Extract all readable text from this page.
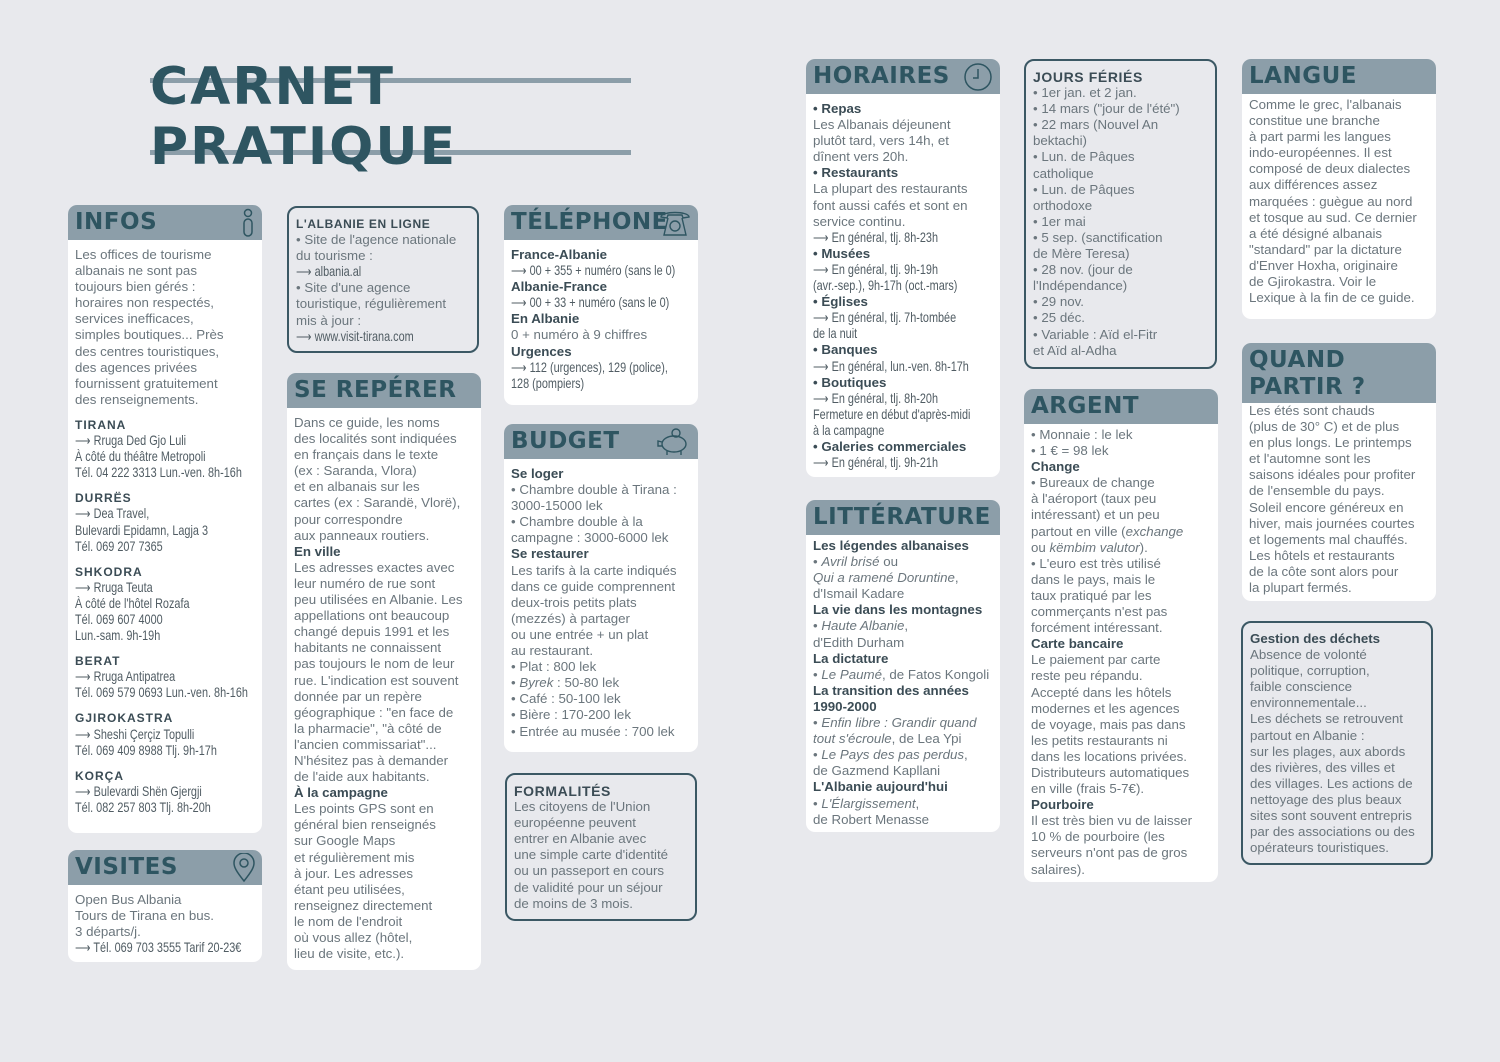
CARNET PRATIQUE
INFOS
Les offices de tourisme
albanais ne sont pas
toujours bien gérés :
horaires non respectés,
services inefficaces,
simples boutiques... Près
des centres touristiques,
des agences privées
fournissent gratuitement
des renseignements.
TIRANA
⟶ Rruga Ded Gjo Luli
À côté du théâtre Metropoli
Tél. 04 222 3313 Lun.-ven. 8h-16h
DURRËS
⟶ Dea Travel,
Bulevardi Epidamn, Lagja 3
Tél. 069 207 7365
SHKODRA
⟶ Rruga Teuta
À côté de l'hôtel Rozafa
Tél. 069 607 4000
Lun.-sam. 9h-19h
BERAT
⟶ Rruga Antipatrea
Tél. 069 579 0693 Lun.-ven. 8h-16h
GJIROKASTRA
⟶ Sheshi Çerçiz Topulli
Tél. 069 409 8988 Tlj. 9h-17h
KORÇA
⟶ Bulevardi Shën Gjergji
Tél. 082 257 803 Tlj. 8h-20h
VISITES
Open Bus Albania
Tours de Tirana en bus.
3 départs/j.
⟶ Tél. 069 703 3555 Tarif 20-23€
L'ALBANIE EN LIGNE
• Site de l'agence nationale
du tourisme :
⟶ albania.al
• Site d'une agence
touristique, régulièrement
mis à jour :
⟶ www.visit-tirana.com
SE REPÉRER
Dans ce guide, les noms
des localités sont indiquées
en français dans le texte
(ex : Saranda, Vlora)
et en albanais sur les
cartes (ex : Sarandë, Vlorë),
pour correspondre
aux panneaux routiers.
En ville
Les adresses exactes avec
leur numéro de rue sont
peu utilisées en Albanie. Les
appellations ont beaucoup
changé depuis 1991 et les
habitants ne connaissent
pas toujours le nom de leur
rue. L'indication est souvent
donnée par un repère
géographique : "en face de
la pharmacie", "à côté de
l'ancien commissariat"...
N'hésitez pas à demander
de l'aide aux habitants.
À la campagne
Les points GPS sont en
général bien renseignés
sur Google Maps
et régulièrement mis
à jour. Les adresses
étant peu utilisées,
renseignez directement
le nom de l'endroit
où vous allez (hôtel,
lieu de visite, etc.).
TÉLÉPHONE
France-Albanie
⟶ 00 + 355 + numéro (sans le 0)
Albanie-France
⟶ 00 + 33 + numéro (sans le 0)
En Albanie
0 + numéro à 9 chiffres
Urgences
⟶ 112 (urgences), 129 (police),
128 (pompiers)
BUDGET
Se loger
• Chambre double à Tirana :
3000-15000 lek
• Chambre double à la
campagne : 3000-6000 lek
Se restaurer
Les tarifs à la carte indiqués
dans ce guide comprennent
deux-trois petits plats
(mezzés) à partager
ou une entrée + un plat
au restaurant.
• Plat : 800 lek
• Byrek : 50-80 lek
• Café : 50-100 lek
• Bière : 170-200 lek
• Entrée au musée : 700 lek
FORMALITÉS
Les citoyens de l'Union
européenne peuvent
entrer en Albanie avec
une simple carte d'identité
ou un passeport en cours
de validité pour un séjour
de moins de 3 mois.
HORAIRES
• Repas
Les Albanais déjeunent
plutôt tard, vers 14h, et
dînent vers 20h.
• Restaurants
La plupart des restaurants
font aussi cafés et sont en
service continu.
⟶ En général, tlj. 8h-23h
• Musées
⟶ En général, tlj. 9h-19h
(avr.-sep.), 9h-17h (oct.-mars)
• Églises
⟶ En général, tlj. 7h-tombée
de la nuit
• Banques
⟶ En général, lun.-ven. 8h-17h
• Boutiques
⟶ En général, tlj. 8h-20h
Fermeture en début d'après-midi
à la campagne
• Galeries commerciales
⟶ En général, tlj. 9h-21h
LITTÉRATURE
Les légendes albanaises
• Avril brisé ou
Qui a ramené Doruntine,
d'Ismail Kadare
La vie dans les montagnes
• Haute Albanie,
d'Edith Durham
La dictature
• Le Paumé, de Fatos Kongoli
La transition des années
1990-2000
• Enfin libre : Grandir quand
tout s'écroule, de Lea Ypi
• Le Pays des pas perdus,
de Gazmend Kapllani
L'Albanie aujourd'hui
• L'Élargissement,
de Robert Menasse
JOURS FÉRIÉS
• 1er jan. et 2 jan.
• 14 mars ("jour de l'été")
• 22 mars (Nouvel An
bektachi)
• Lun. de Pâques
catholique
• Lun. de Pâques
orthodoxe
• 1er mai
• 5 sep. (sanctification
de Mère Teresa)
• 28 nov. (jour de
l'Indépendance)
• 29 nov.
• 25 déc.
• Variable : Aïd el-Fitr
et Aïd al-Adha
ARGENT
• Monnaie : le lek
• 1 € = 98 lek
Change
• Bureaux de change
à l'aéroport (taux peu
intéressant) et un peu
partout en ville (exchange
ou këmbim valutor).
• L'euro est très utilisé
dans le pays, mais le
taux pratiqué par les
commerçants n'est pas
forcément intéressant.
Carte bancaire
Le paiement par carte
reste peu répandu.
Accepté dans les hôtels
modernes et les agences
de voyage, mais pas dans
les petits restaurants ni
dans les locations privées.
Distributeurs automatiques
en ville (frais 5-7€).
Pourboire
Il est très bien vu de laisser
10 % de pourboire (les
serveurs n'ont pas de gros
salaires).
LANGUE
Comme le grec, l'albanais
constitue une branche
à part parmi les langues
indo-européennes. Il est
composé de deux dialectes
aux différences assez
marquées : guègue au nord
et tosque au sud. Ce dernier
a été désigné albanais
"standard" par la dictature
d'Enver Hoxha, originaire
de Gjirokastra. Voir le
Lexique à la fin de ce guide.
QUAND
PARTIR ?
Les étés sont chauds
(plus de 30° C) et de plus
en plus longs. Le printemps
et l'automne sont les
saisons idéales pour profiter
de l'ensemble du pays.
Soleil encore généreux en
hiver, mais journées courtes
et logements mal chauffés.
Les hôtels et restaurants
de la côte sont alors pour
la plupart fermés.
Gestion des déchets
Absence de volonté
politique, corruption,
faible conscience
environnementale...
Les déchets se retrouvent
partout en Albanie :
sur les plages, aux abords
des rivières, des villes et
des villages. Les actions de
nettoyage des plus beaux
sites sont souvent entrepris
par des associations ou des
opérateurs touristiques.
